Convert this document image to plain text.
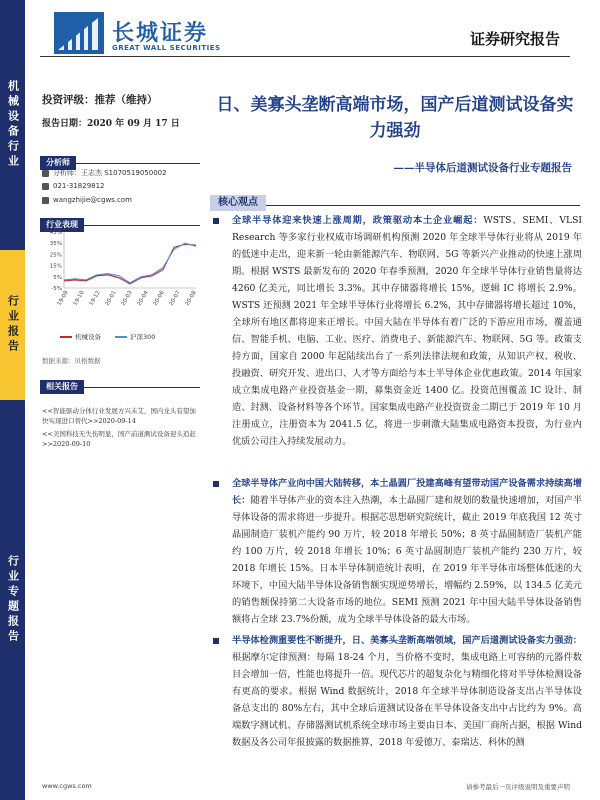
机械设备行业
行业报告
行业专题报告
长城证券
GREAT WALL SECURITIES	证券研究报告
投资评级：推荐（维持）
报告日期：2020 年 09 月 17 日
分析师
分析师：王志杰 S1070519050002
021-31829812
wangzhijie@cgws.com
行业表现
45%
35%
25%
15%
5%
-5%
19-09 19-10 19-12 20-01 20-03 20-04 20-06 20-07 20-08
机械设备	沪深300
数据来源：贝格数据
相关报告

<<智能驱动分体行业发展方兴未艾，国内龙头有望加快实现进口替代>>2020-09-14

<<美国科技无失伤明显，国产前道测试设备迎头追赶>>2020-09-10

日、美寡头垄断高端市场，国产后道测试设备实力强劲
——半导体后道测试设备行业专题报告
核心观点
全球半导体迎来快速上涨周期，政策驱动本土企业崛起：WSTS、SEMI、VLSI Research 等多家行业权威市场调研机构预测 2020 年全球半导体行业将从 2019 年的低迷中走出，迎来新一轮由新能源汽车、物联网、5G 等新兴产业推动的快速上涨周期。根据 WSTS 最新发布的 2020 年春季预测，2020 年全球半导体行业销售量将达 4260 亿美元，同比增长 3.3%。其中存储器将增长 15%，逻辑 IC 将增长 2.9%。WSTS 还预测 2021 年全球半导体行业将增长 6.2%，其中存储器将增长超过 10%，全球所有地区都将迎来正增长。中国大陆在半导体有着广泛的下游应用市场，覆盖通信、智能手机、电脑、工业、医疗、消费电子、新能源汽车、物联网、5G 等。政策支持方面，国家自 2000 年起陆续出台了一系列法律法规和政策，从知识产权、税收、投融资、研究开发、进出口、人才等方面给与本土半导体企业优惠政策。2014 年国家成立集成电路产业投资基金一期，募集资金近 1400 亿。投资范围覆盖 IC 设计、制造、封测、设备材料等各个环节。国家集成电路产业投资资金二期已于 2019 年 10 月注册成立，注册资本为 2041.5 亿，将进一步刺激大陆集成电路资本投资，为行业内优质公司注入持续发展动力。
全球半导体产业向中国大陆转移，本土晶圆厂投建高峰有望带动国产设备需求持续高增长：随着半导体产业的资本注入热潮，本土晶圆厂建和规划的数量快速增加，对国产半导体设备的需求将进一步提升。根据芯思想研究院统计，截止 2019 年底我国 12 英寸晶圆制造厂装机产能约 90 万片，较 2018 年增长 50%；8 英寸晶圆制造厂装机产能约 100 万片，较 2018 年增长 10%；6 英寸晶圆制造厂装机产能约 230 万片，较 2018 年增长 15%。日本半导体制造统计表明，在 2019 年半导体市场整体低迷的大环境下，中国大陆半导体设备销售额实现逆势增长，增幅约 2.59%，以 134.5 亿美元的销售额保持第二大设备市场的地位。SEMI 预测 2021 年中国大陆半导体设备销售额将占全球 23.7%份额，成为全球半导体设备的最大市场。
半导体检测重要性不断提升，日、美寡头垄断高端领域，国产后道测试设备实力强劲：根据摩尔定律预测：每隔 18-24 个月，当价格不变时，集成电路上可容纳的元器件数目会增加一倍，性能也将提升一倍。现代芯片的超复杂化与精细化将对半导体检测设备有更高的要求。根据 Wind 数据统计，2018 年全球半导体制造设备支出占半导体设备总支出的 80%左右，其中全球后道测试设备在半导体设备支出中占比约为 9%。高端数字测试机、存储器测试机系统全球市场主要由日本、美国厂商所占据，根据 Wind 数据及各公司年报披露的数据推算，2018 年爱德万、泰瑞达、科休的测
www.cgws.com	请参考最后一页评级说明及重要声明
